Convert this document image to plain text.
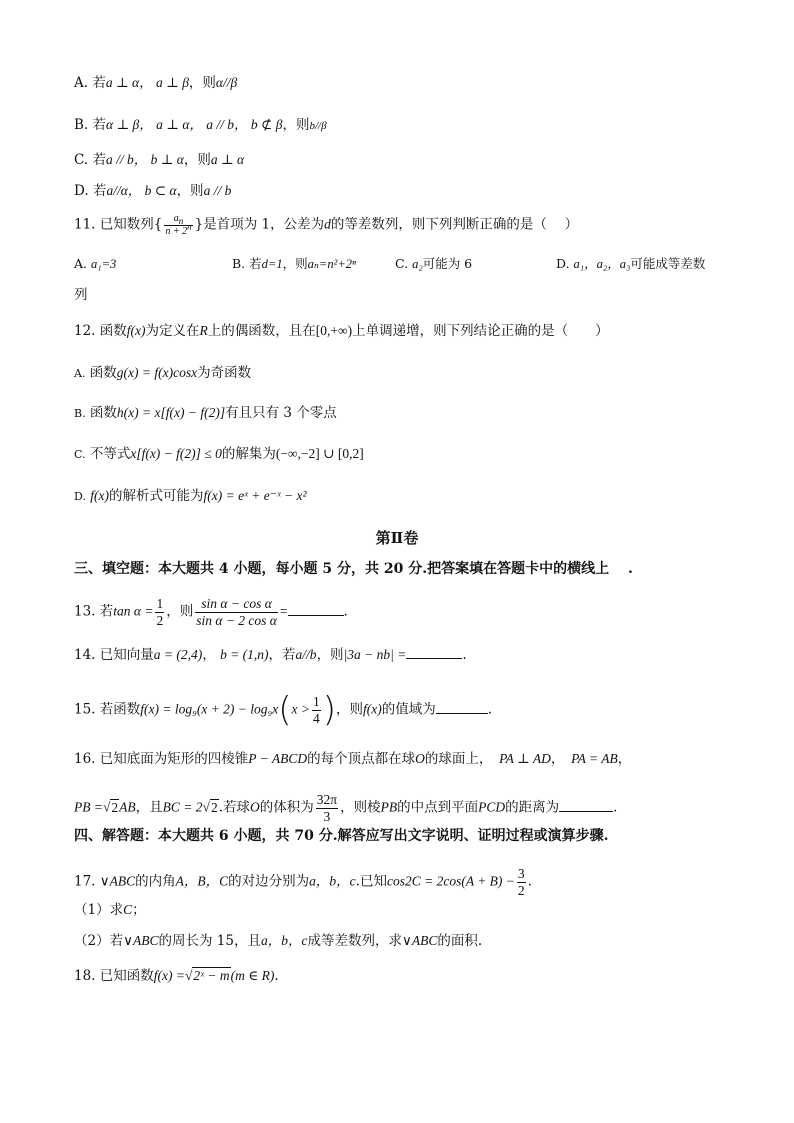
A. 若a ⊥ α， a ⊥ β，则α//β
B. 若α ⊥ β， a ⊥ α， a // b， b ⊄ β，则b//β
C. 若a // b， b ⊥ α，则a ⊥ α
D. 若a//α， b ⊂ α，则a // b
11. 已知数列{ $\frac{a_n}{n + 2^n}$ }是首项为 1，公差为d的等差数列，则下列判断正确的是（　 ）
A. a₁=3	B. 若d=1，则aₙ=n²+2ⁿ	C. a₂可能为 6	D. a₁，a₂，a₃可能成等差数
列
12. 函数f(x)为定义在R上的偶函数，且在[0,+∞)上单调递增，则下列结论正确的是（　　）
A. 函数g(x) = f(x)cosx为奇函数
B. 函数h(x) = x[f(x) − f(2)]有且只有 3 个零点
C. 不等式x[f(x) − f(2)] ≤ 0的解集为(−∞,−2] ∪ [0,2]
D. f(x)的解析式可能为f(x) = eˣ + e⁻ˣ − x²
第Ⅱ卷
三、填空题：本大题共 4 小题，每小题 5 分，共 20 分.把答案填在答题卡中的横线上　 .
13. 若$\tan \alpha = \frac{1}{2}$ ，则 $\frac{\text{sin α − cos α}}{\text{sin α − 2 cos α}}$ =	.
14. 已知向量a = (2,4)， b = (1,n)，若a//b，则|3a − nb| =	.
15. 若函数$f(x) = \log_9(x + 2) - \log_9x(x > \frac{1}{4}$ )，则f(x)的值域为	.
16. 已知底面为矩形的四棱锥P − ABCD的每个顶点都在球O的球面上，　 PA ⊥ AD，　 PA = AB，
PB =√2AB，且BC = 2√2.若球O的体积为 $\frac{32\pi}{3}$ ，则棱PB的中点到平面PCD的距离为	.
四、解答题：本大题共 6 小题，共 70 分.解答应写出文字说明、证明过程或演算步骤.
17. ∨ABC的内角A，B，C的对边分别为a，b，c.已知$\cos 2C = 2\cos(A + B) - \frac{3}{2}$ .
（1）求C；
（2）若∨ABC的周长为 15，且a，b，c成等差数列，求∨ABC的面积.
18. 已知函数f(x) =√2ˣ − m(m ∈ R).
